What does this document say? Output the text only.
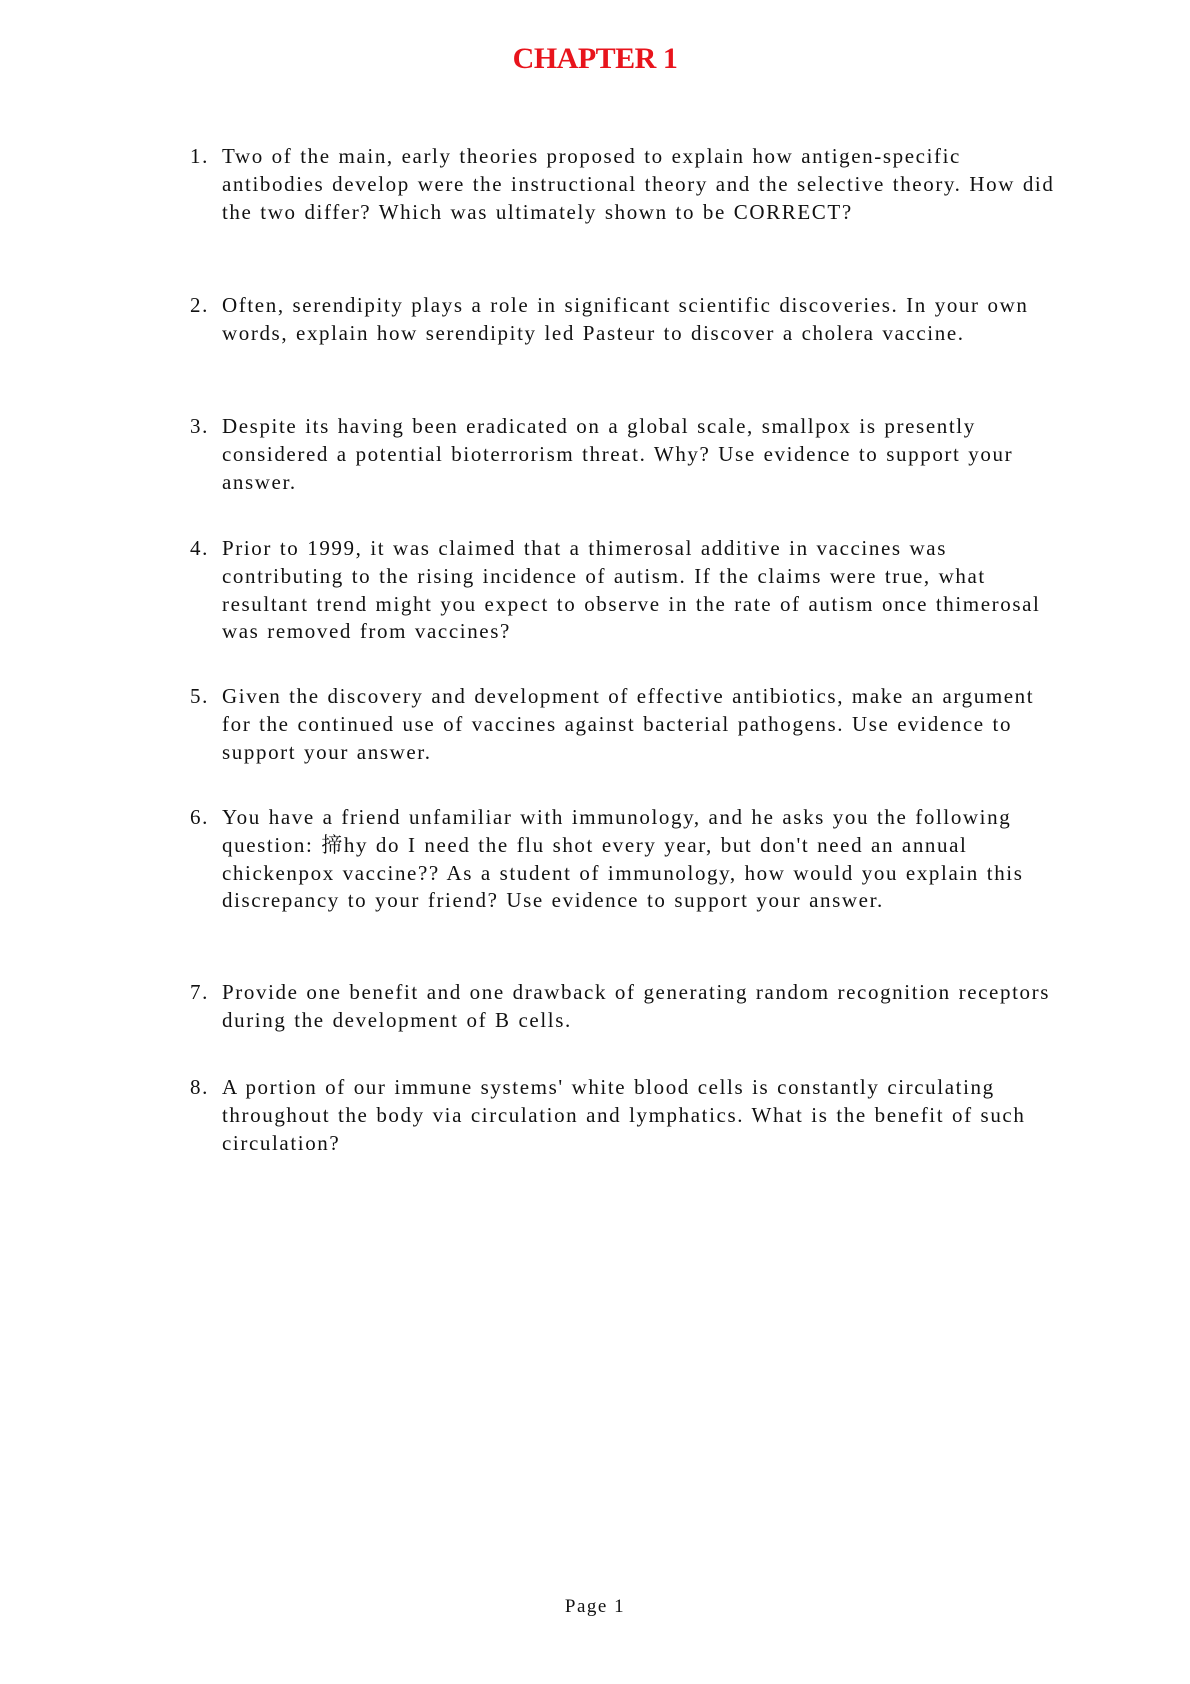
CHAPTER 1
1. Two of the main, early theories proposed to explain how antigen-specific antibodies develop were the instructional theory and the selective theory. How did the two differ? Which was ultimately shown to be CORRECT?
2. Often, serendipity plays a role in significant scientific discoveries. In your own words, explain how serendipity led Pasteur to discover a cholera vaccine.
3. Despite its having been eradicated on a global scale, smallpox is presently considered a potential bioterrorism threat. Why? Use evidence to support your answer.
4. Prior to 1999, it was claimed that a thimerosal additive in vaccines was contributing to the rising incidence of autism. If the claims were true, what resultant trend might you expect to observe in the rate of autism once thimerosal was removed from vaccines?
5. Given the discovery and development of effective antibiotics, make an argument for the continued use of vaccines against bacterial pathogens. Use evidence to support your answer.
6. You have a friend unfamiliar with immunology, and he asks you the following question: 揥hy do I need the flu shot every year, but don't need an annual chickenpox vaccine?? As a student of immunology, how would you explain this discrepancy to your friend? Use evidence to support your answer.
7. Provide one benefit and one drawback of generating random recognition receptors during the development of B cells.
8. A portion of our immune systems' white blood cells is constantly circulating throughout the body via circulation and lymphatics. What is the benefit of such circulation?
Page 1
